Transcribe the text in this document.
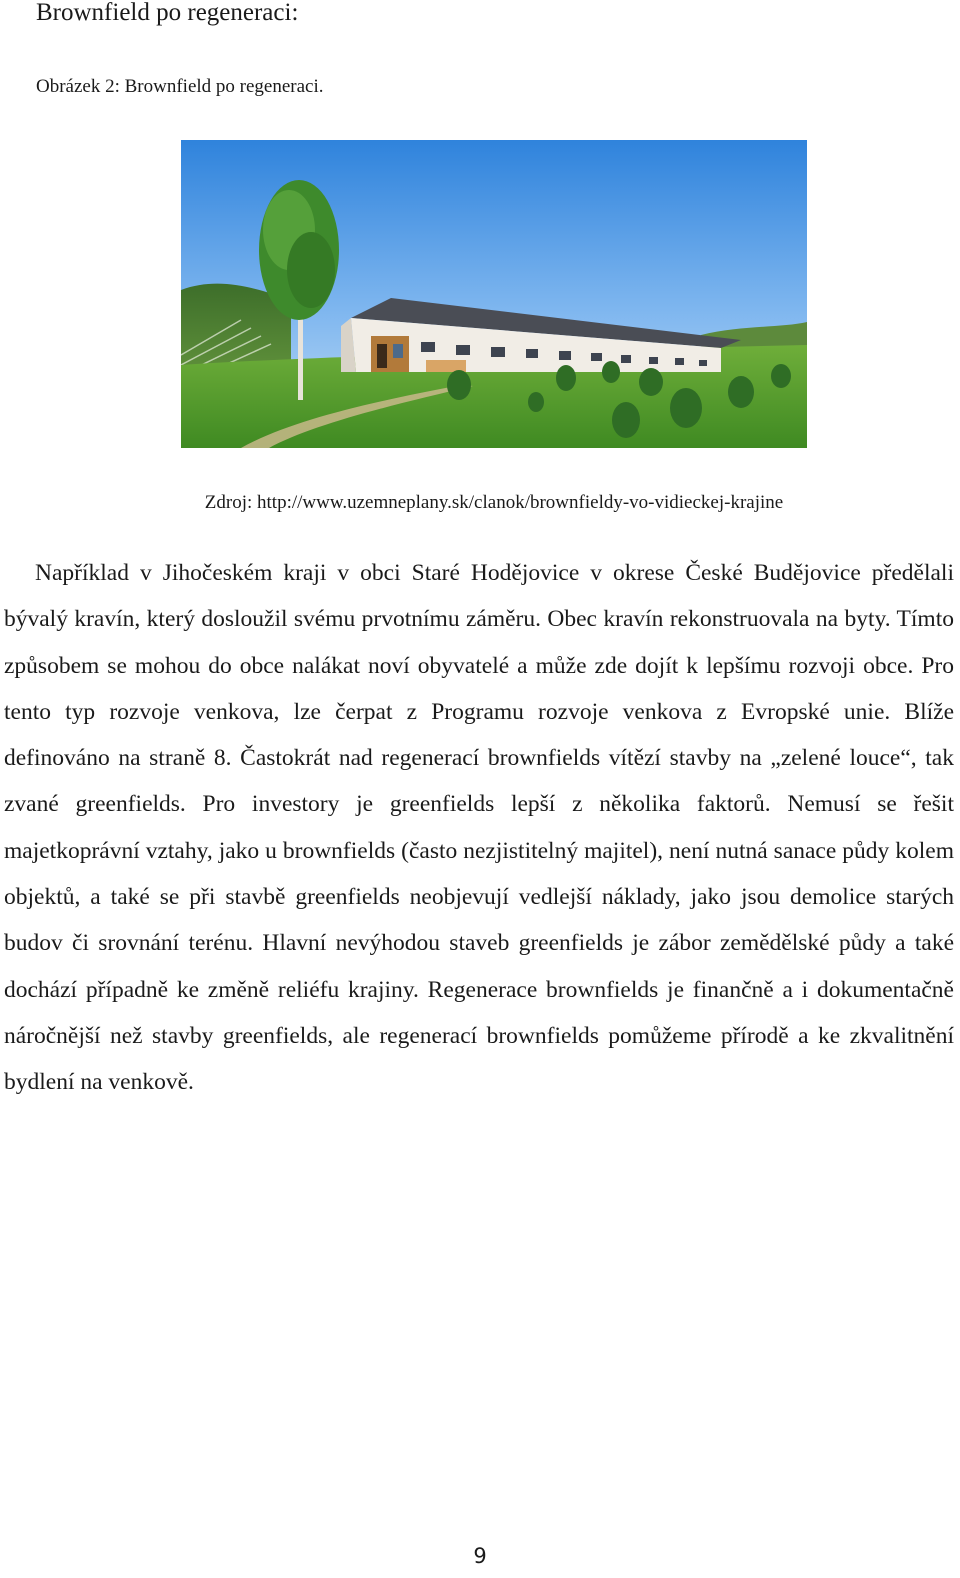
Brownfield po regeneraci:

Obrázek 2: Brownfield po regeneraci.

Zdroj: http://www.uzemneplany.sk/clanok/brownfieldy-vo-vidieckej-krajine

Například v Jihočeském kraji v obci Staré Hodějovice v okrese České Budějovice předělali bývalý kravín, který dosloužil svému prvotnímu záměru. Obec kravín rekonstruovala na byty. Tímto způsobem se mohou do obce nalákat noví obyvatelé a může zde dojít k lepšímu rozvoji obce. Pro tento typ rozvoje venkova, lze čerpat z Programu rozvoje venkova z Evropské unie. Blíže definováno na straně 8. Častokrát nad regenerací brownfields vítězí stavby na „zelené louce“, tak zvané greenfields. Pro investory je greenfields lepší z několika faktorů. Nemusí se řešit majetkoprávní vztahy, jako u brownfields (často nezjistitelný majitel), není nutná sanace půdy kolem objektů, a také se při stavbě greenfields neobjevují vedlejší náklady, jako jsou demolice starých budov či srovnání terénu. Hlavní nevýhodou staveb greenfields je zábor zemědělské půdy a také dochází případně ke změně reliéfu krajiny. Regenerace brownfields je finančně a i dokumentačně náročnější než stavby greenfields, ale regenerací brownfields pomůžeme přírodě a ke zkvalitnění bydlení na venkově.

9
